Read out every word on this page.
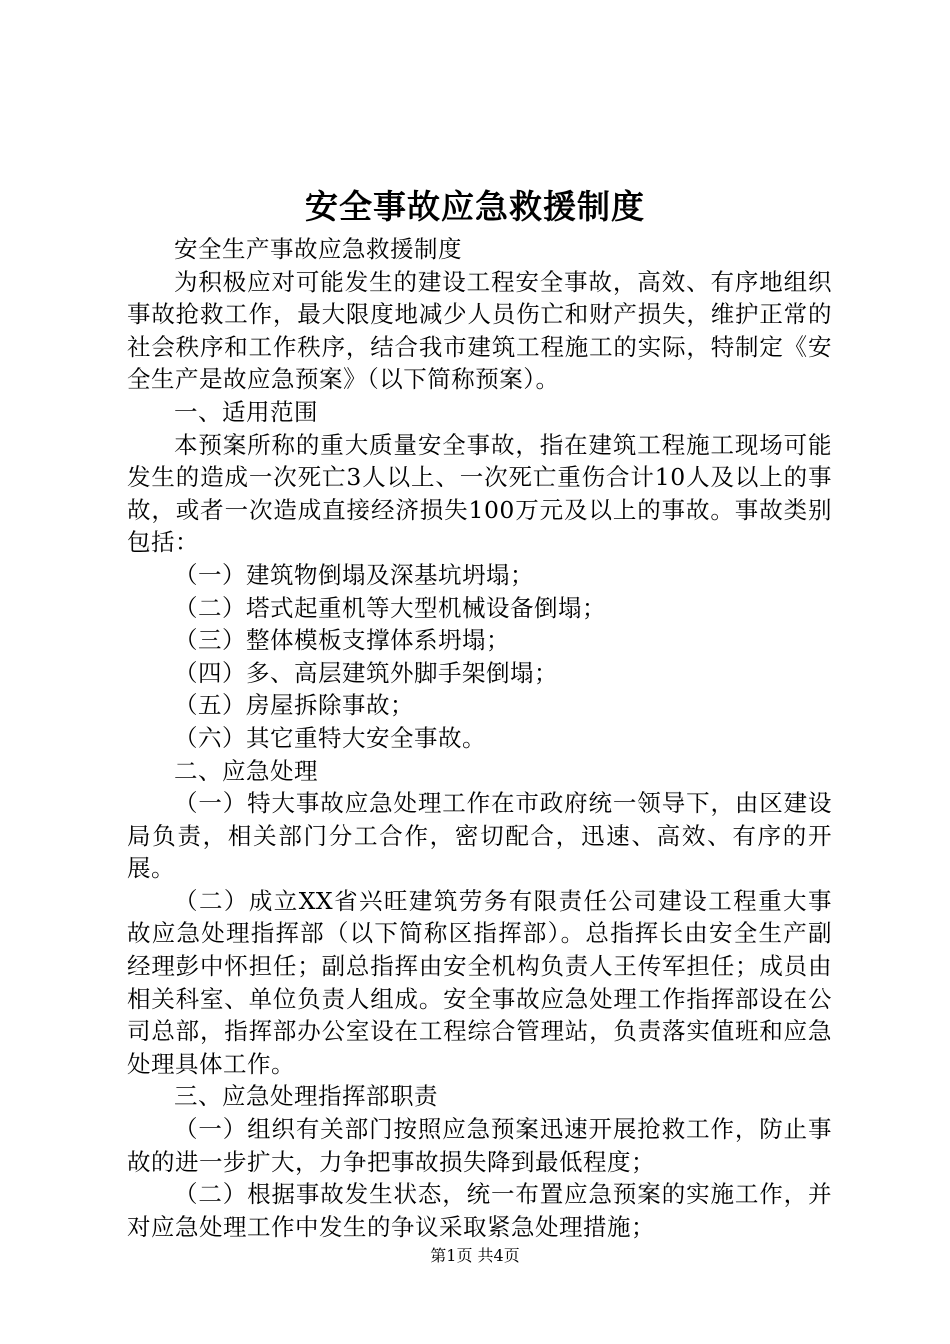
安全事故应急救援制度

安全生产事故应急救援制度

为积极应对可能发生的建设工程安全事故，高效、有序地组织事故抢救工作，最大限度地减少人员伤亡和财产损失，维护正常的社会秩序和工作秩序，结合我市建筑工程施工的实际，特制定《安全生产是故应急预案》（以下简称预案）。

一、适用范围

本预案所称的重大质量安全事故，指在建筑工程施工现场可能发生的造成一次死亡3人以上、一次死亡重伤合计10人及以上的事故，或者一次造成直接经济损失100万元及以上的事故。事故类别包括：

（一）建筑物倒塌及深基坑坍塌；

（二）塔式起重机等大型机械设备倒塌；

（三）整体模板支撑体系坍塌；

（四）多、高层建筑外脚手架倒塌；

（五）房屋拆除事故；

（六）其它重特大安全事故。

二、应急处理

（一）特大事故应急处理工作在市政府统一领导下，由区建设局负责，相关部门分工合作，密切配合，迅速、高效、有序的开展。

（二）成立XX省兴旺建筑劳务有限责任公司建设工程重大事故应急处理指挥部（以下简称区指挥部）。总指挥长由安全生产副经理彭中怀担任；副总指挥由安全机构负责人王传军担任；成员由相关科室、单位负责人组成。安全事故应急处理工作指挥部设在公司总部，指挥部办公室设在工程综合管理站，负责落实值班和应急处理具体工作。

三、应急处理指挥部职责

（一）组织有关部门按照应急预案迅速开展抢救工作，防止事故的进一步扩大，力争把事故损失降到最低程度；

（二）根据事故发生状态，统一布置应急预案的实施工作，并对应急处理工作中发生的争议采取紧急处理措施；

第1页 共4页
